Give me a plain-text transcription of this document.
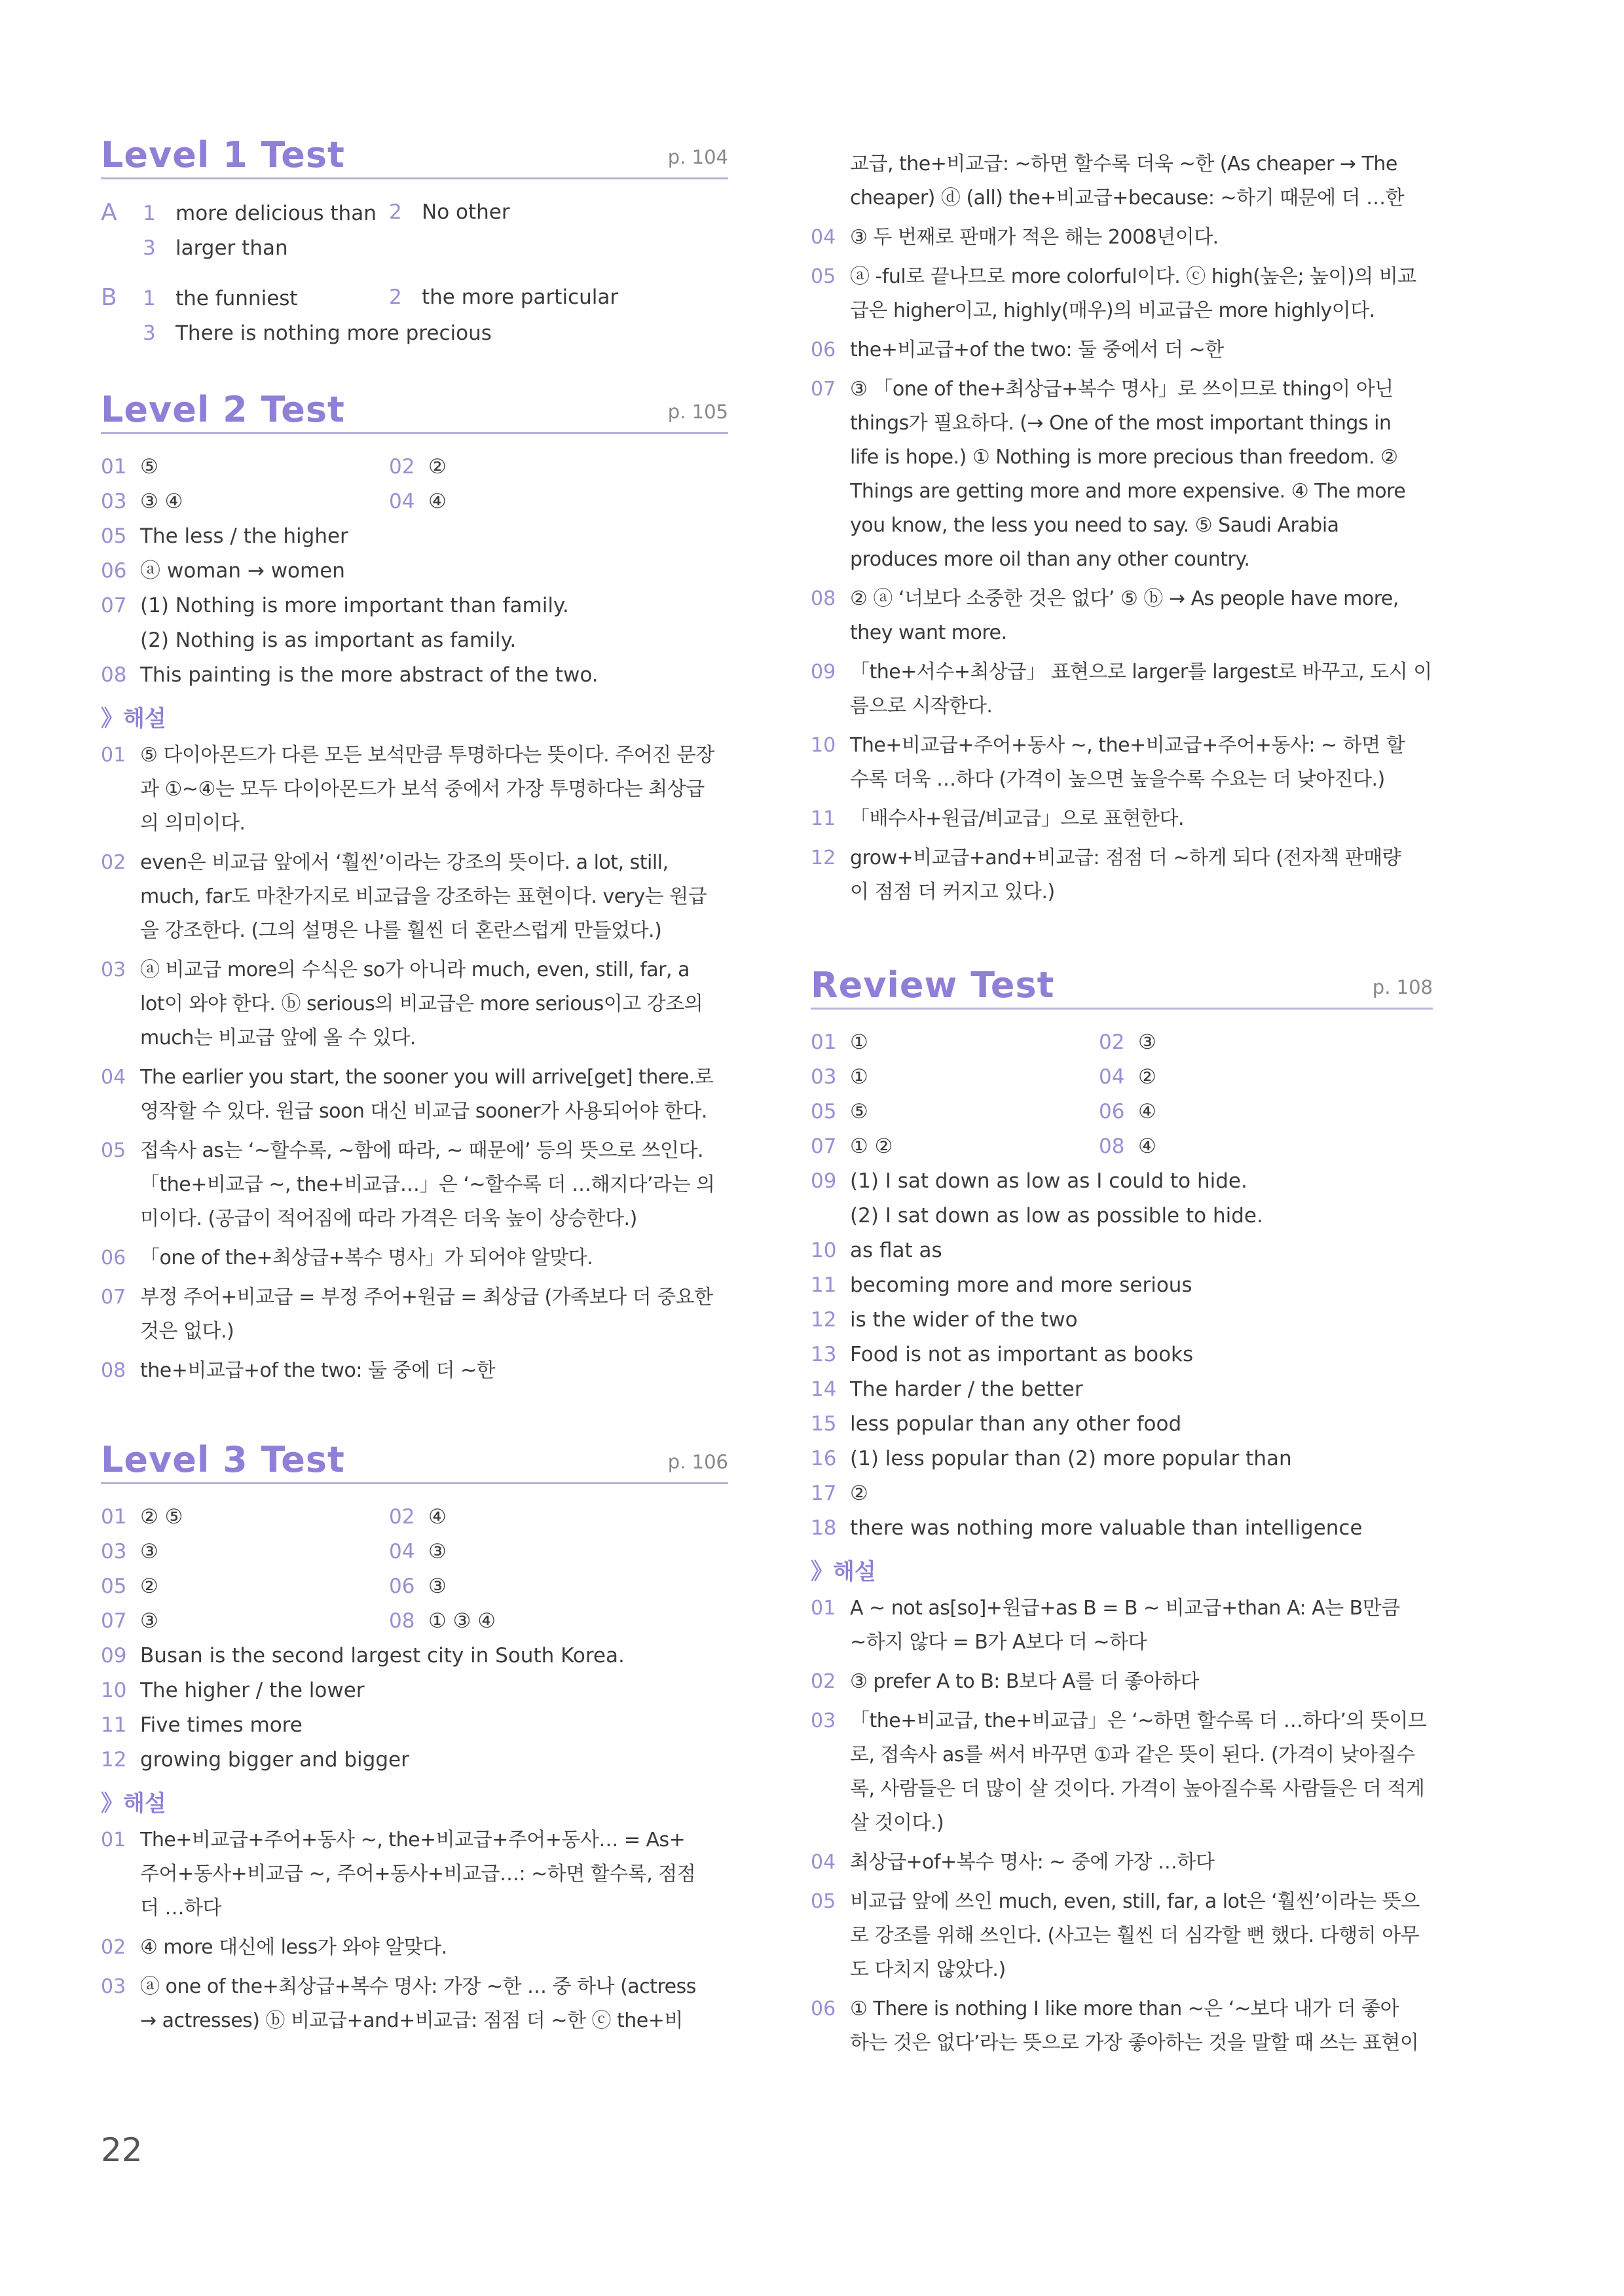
Level 1 Test	p. 104
A 1 more delicious than 2 No other
3 larger than
B 1 the funniest	2 the more particular
3 There is nothing more precious
Level 2 Test	p. 105
01 ⑤	02 ②
03 ③ ④	04 ④
05 The less / the higher
06 ⓐ woman → women
07 (1) Nothing is more important than family.
(2) Nothing is as important as family.
08 This painting is the more abstract of the two.
》해설
01 ⑤ 다이아몬드가 다른 모든 보석만큼 투명하다는 뜻이다. 주어진 문장
과 ①~④는 모두 다이아몬드가 보석 중에서 가장 투명하다는 최상급
의 의미이다.
02 even은 비교급 앞에서 ‘훨씬’이라는 강조의 뜻이다. a lot, still,
much, far도 마찬가지로 비교급을 강조하는 표현이다. very는 원급
을 강조한다. (그의 설명은 나를 훨씬 더 혼란스럽게 만들었다.)
03 ⓐ 비교급 more의 수식은 so가 아니라 much, even, still, far, a
lot이 와야 한다. ⓑ serious의 비교급은 more serious이고 강조의
much는 비교급 앞에 올 수 있다.
04 The earlier you start, the sooner you will arrive[get] there.로
영작할 수 있다. 원급 soon 대신 비교급 sooner가 사용되어야 한다.
05 접속사 as는 ‘~할수록, ~함에 따라, ~ 때문에’ 등의 뜻으로 쓰인다.
「the+비교급 ~, the+비교급…」은 ‘~할수록 더 …해지다’라는 의
미이다. (공급이 적어짐에 따라 가격은 더욱 높이 상승한다.)
06 「one of the+최상급+복수 명사」가 되어야 알맞다.
07 부정 주어+비교급 = 부정 주어+원급 = 최상급 (가족보다 더 중요한
것은 없다.)
08 the+비교급+of the two: 둘 중에 더 ~한
Level 3 Test	p. 106
01 ② ⑤	02 ④
03 ③	04 ③
05 ②	06 ③
07 ③	08 ① ③ ④
09 Busan is the second largest city in South Korea.
10 The higher / the lower
11 Five times more
12 growing bigger and bigger
》해설
01 The+비교급+주어+동사 ~, the+비교급+주어+동사… = As+
주어+동사+비교급 ~, 주어+동사+비교급…: ~하면 할수록, 점점
더 …하다
02 ④ more 대신에 less가 와야 알맞다.
03 ⓐ one of the+최상급+복수 명사: 가장 ~한 … 중 하나 (actress
→ actresses) ⓑ 비교급+and+비교급: 점점 더 ~한 ⓒ the+비
교급, the+비교급: ~하면 할수록 더욱 ~한 (As cheaper → The
cheaper) ⓓ (all) the+비교급+because: ~하기 때문에 더 …한
04 ③ 두 번째로 판매가 적은 해는 2008년이다.
05 ⓐ -ful로 끝나므로 more colorful이다. ⓒ high(높은; 높이)의 비교
급은 higher이고, highly(매우)의 비교급은 more highly이다.
06 the+비교급+of the two: 둘 중에서 더 ~한
07 ③ 「one of the+최상급+복수 명사」로 쓰이므로 thing이 아닌
things가 필요하다. (→ One of the most important things in
life is hope.) ① Nothing is more precious than freedom. ②
Things are getting more and more expensive. ④ The more
you know, the less you need to say. ⑤ Saudi Arabia
produces more oil than any other country.
08 ② ⓐ ‘너보다 소중한 것은 없다’ ⑤ ⓑ → As people have more,
they want more.
09 「the+서수+최상급」 표현으로 larger를 largest로 바꾸고, 도시 이
름으로 시작한다.
10 The+비교급+주어+동사 ~, the+비교급+주어+동사: ~ 하면 할
수록 더욱 …하다 (가격이 높으면 높을수록 수요는 더 낮아진다.)
11 「배수사+원급/비교급」으로 표현한다.
12 grow+비교급+and+비교급: 점점 더 ~하게 되다 (전자책 판매량
이 점점 더 커지고 있다.)
Review Test	p. 108
01 ①	02 ③
03 ①	04 ②
05 ⑤	06 ④
07 ① ②	08 ④
09 (1) I sat down as low as I could to hide.
(2) I sat down as low as possible to hide.
10 as flat as
11 becoming more and more serious
12 is the wider of the two
13 Food is not as important as books
14 The harder / the better
15 less popular than any other food
16 (1) less popular than (2) more popular than
17 ②
18 there was nothing more valuable than intelligence
》해설
01 A ~ not as[so]+원급+as B = B ~ 비교급+than A: A는 B만큼
~하지 않다 = B가 A보다 더 ~하다
02 ③ prefer A to B: B보다 A를 더 좋아하다
03 「the+비교급, the+비교급」은 ‘~하면 할수록 더 …하다’의 뜻이므
로, 접속사 as를 써서 바꾸면 ①과 같은 뜻이 된다. (가격이 낮아질수
록, 사람들은 더 많이 살 것이다. 가격이 높아질수록 사람들은 더 적게
살 것이다.)
04 최상급+of+복수 명사: ~ 중에 가장 …하다
05 비교급 앞에 쓰인 much, even, still, far, a lot은 ‘훨씬’이라는 뜻으
로 강조를 위해 쓰인다. (사고는 훨씬 더 심각할 뻔 했다. 다행히 아무
도 다치지 않았다.)
06 ① There is nothing I like more than ~은 ‘~보다 내가 더 좋아
하는 것은 없다’라는 뜻으로 가장 좋아하는 것을 말할 때 쓰는 표현이
22
